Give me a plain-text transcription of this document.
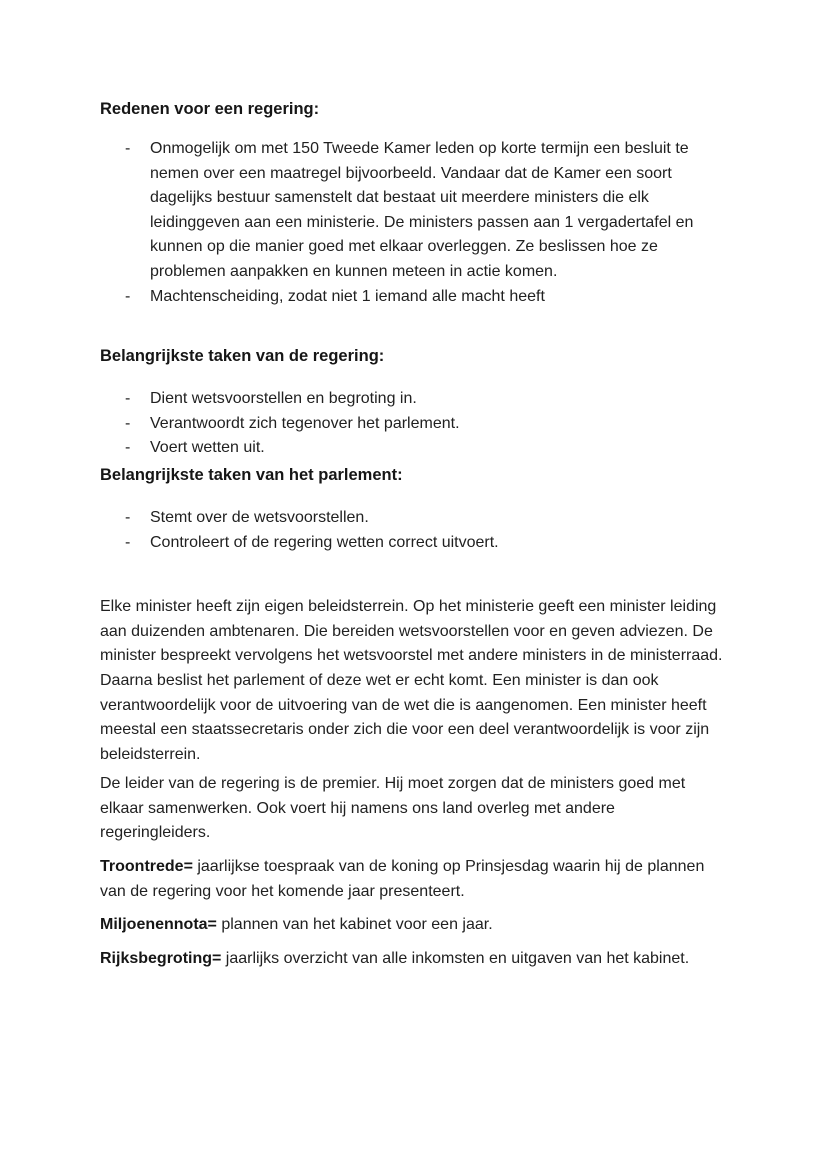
Redenen voor een regering:
-	Onmogelijk om met 150 Tweede Kamer leden op korte termijn een besluit te nemen over een maatregel bijvoorbeeld. Vandaar dat de Kamer een soort dagelijks bestuur samenstelt dat bestaat uit meerdere ministers die elk leidinggeven aan een ministerie. De ministers passen aan 1 vergadertafel en kunnen op die manier goed met elkaar overleggen. Ze beslissen hoe ze problemen aanpakken en kunnen meteen in actie komen.
-	Machtenscheiding, zodat niet 1 iemand alle macht heeft
Belangrijkste taken van de regering:
-	Dient wetsvoorstellen en begroting in.
-	Verantwoordt zich tegenover het parlement.
-	Voert wetten uit.
Belangrijkste taken van het parlement:
-	Stemt over de wetsvoorstellen.
-	Controleert of de regering wetten correct uitvoert.

Elke minister heeft zijn eigen beleidsterrein. Op het ministerie geeft een minister leiding aan duizenden ambtenaren. Die bereiden wetsvoorstellen voor en geven adviezen. De minister bespreekt vervolgens het wetsvoorstel met andere ministers in de ministerraad. Daarna beslist het parlement of deze wet er echt komt. Een minister is dan ook verantwoordelijk voor de uitvoering van de wet die is aangenomen. Een minister heeft meestal een staatssecretaris onder zich die voor een deel verantwoordelijk is voor zijn beleidsterrein.

De leider van de regering is de premier. Hij moet zorgen dat de ministers goed met elkaar samenwerken. Ook voert hij namens ons land overleg met andere regeringleiders.

Troontrede= jaarlijkse toespraak van de koning op Prinsjesdag waarin hij de plannen van de regering voor het komende jaar presenteert.

Miljoenennota= plannen van het kabinet voor een jaar.

Rijksbegroting= jaarlijks overzicht van alle inkomsten en uitgaven van het kabinet.
